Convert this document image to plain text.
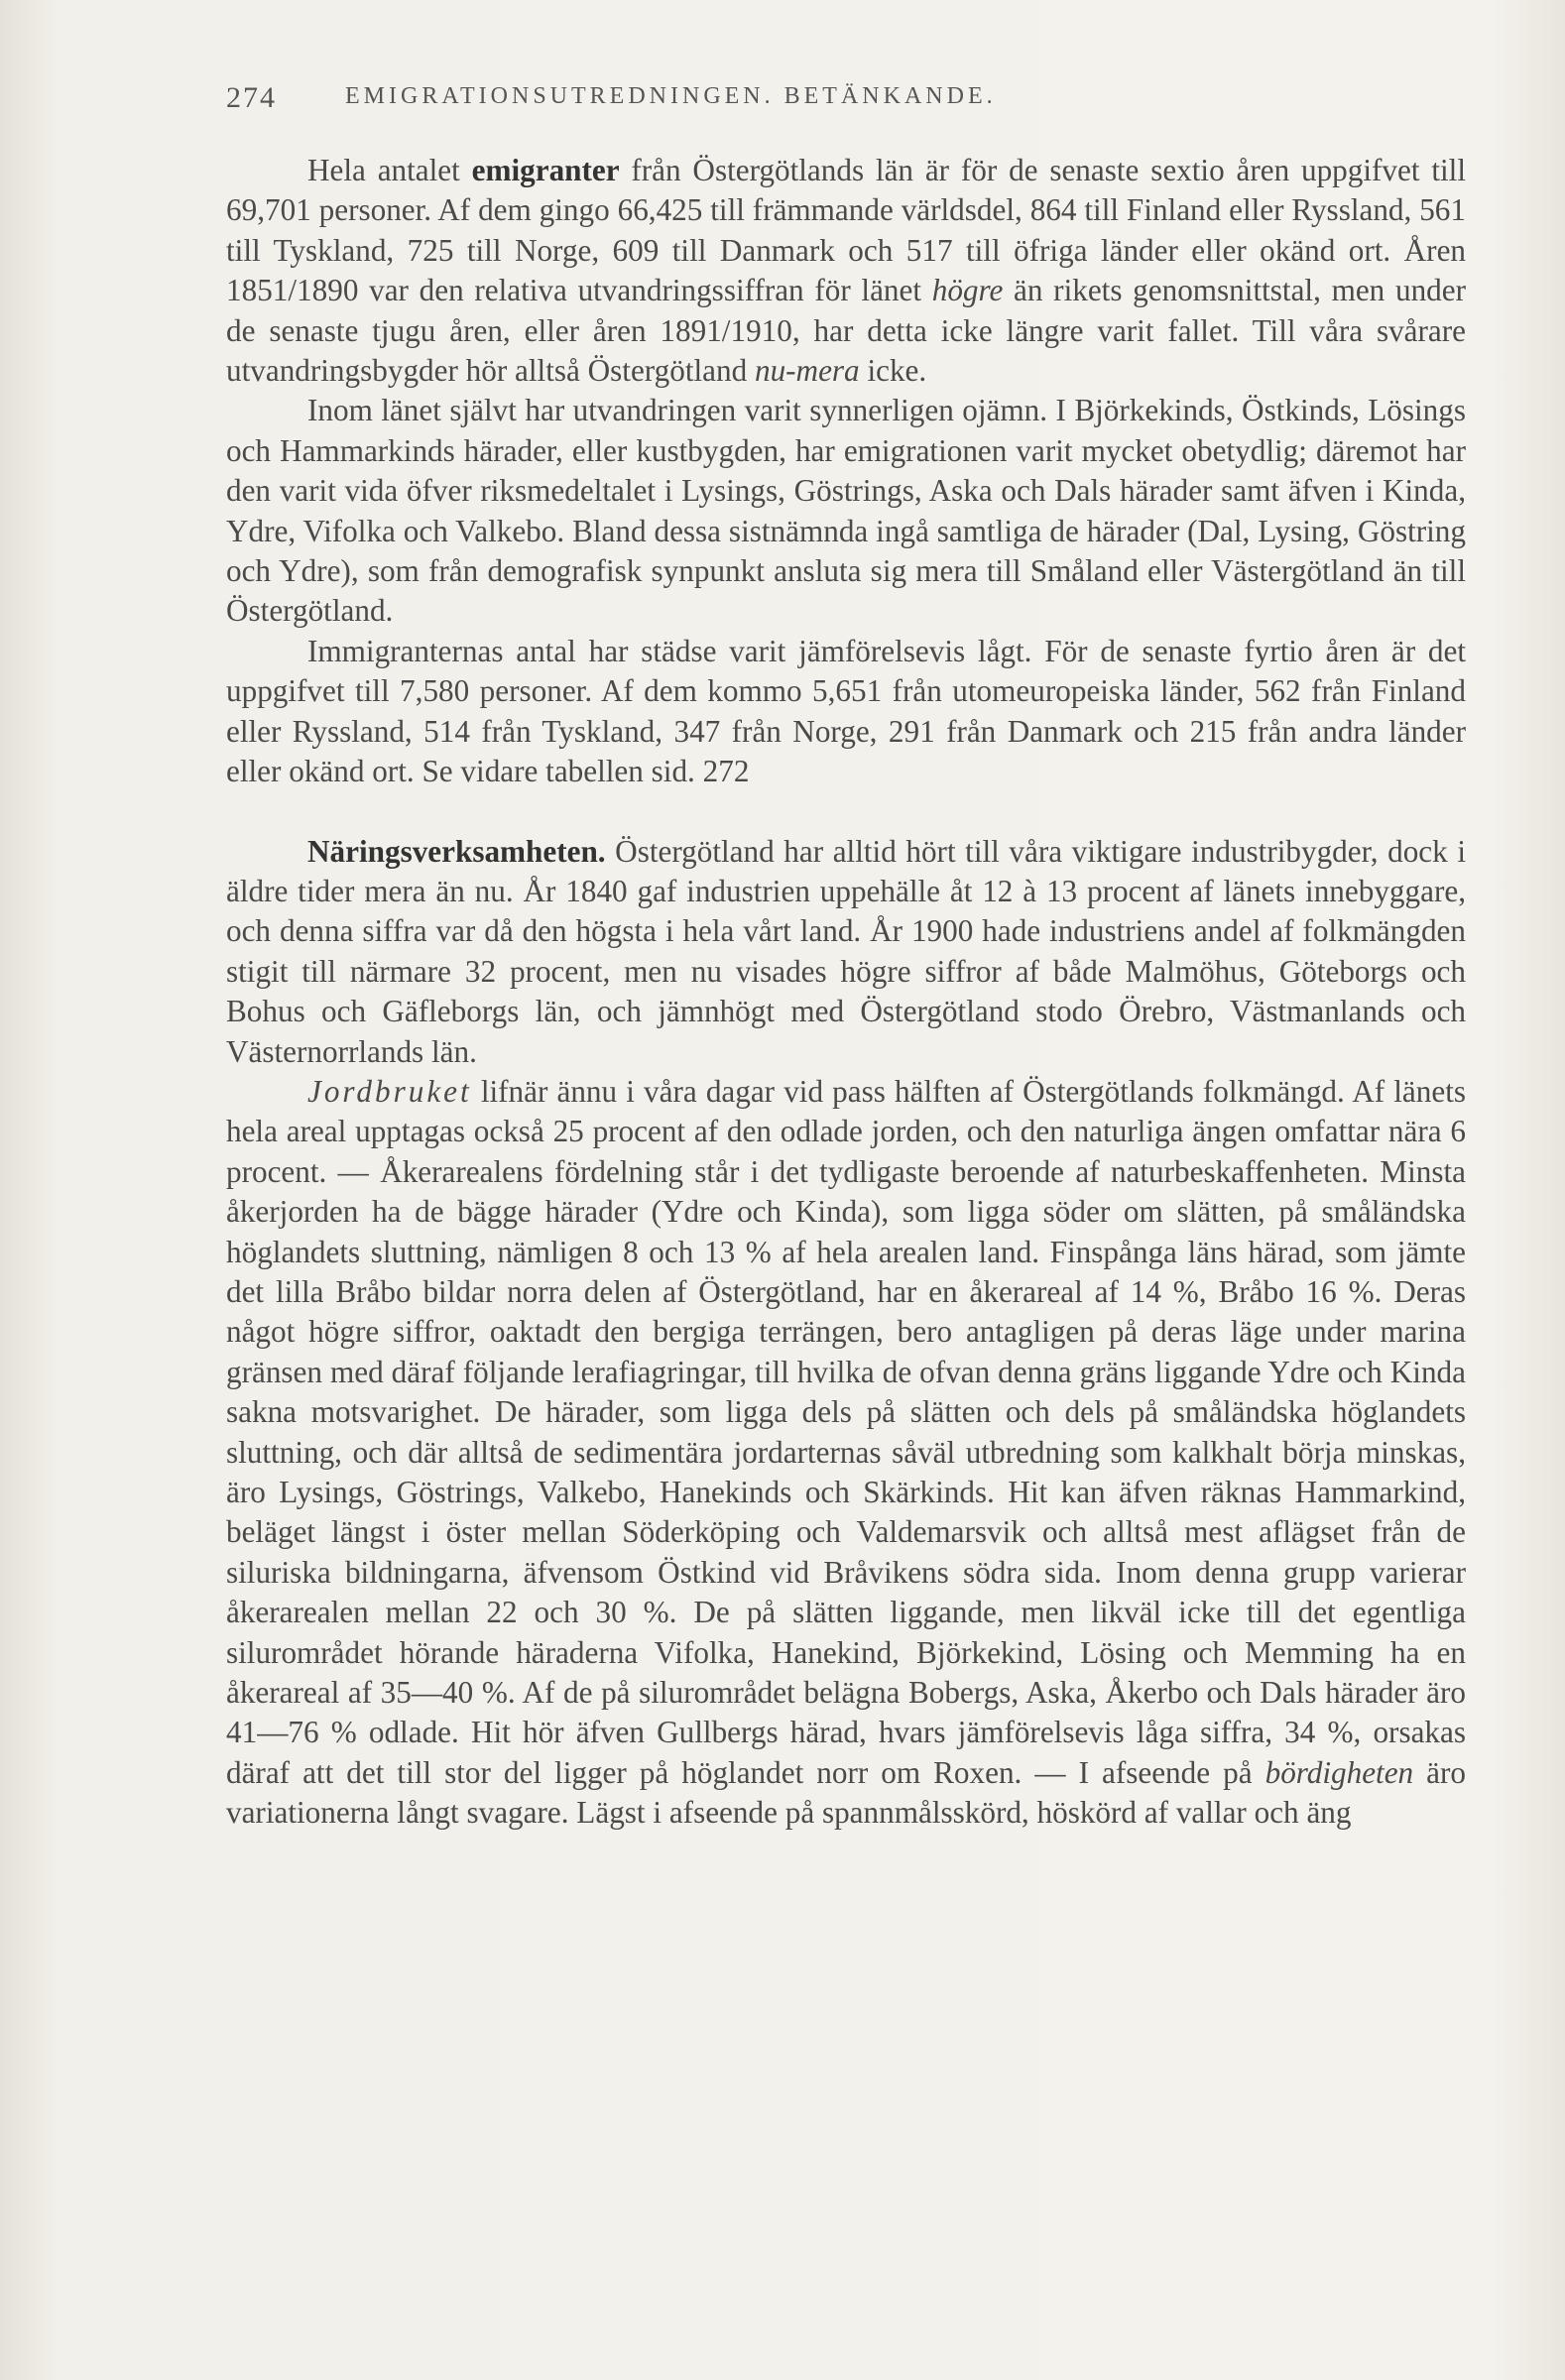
274	EMIGRATIONSUTREDNINGEN. BETÄNKANDE.

Hela antalet emigranter från Östergötlands län är för de senaste sextio åren uppgifvet till 69,701 personer. Af dem gingo 66,425 till främmande världsdel, 864 till Finland eller Ryssland, 561 till Tyskland, 725 till Norge, 609 till Danmark och 517 till öfriga länder eller okänd ort. Åren 1851/1890 var den relativa utvandringssiffran för länet högre än rikets genomsnittstal, men under de senaste tjugu åren, eller åren 1891/1910, har detta icke längre varit fallet. Till våra svårare utvandringsbygder hör alltså Östergötland nu-mera icke.

Inom länet självt har utvandringen varit synnerligen ojämn. I Björkekinds, Östkinds, Lösings och Hammarkinds härader, eller kustbygden, har emigrationen varit mycket obetydlig; däremot har den varit vida öfver riksmedeltalet i Lysings, Göstrings, Aska och Dals härader samt äfven i Kinda, Ydre, Vifolka och Valkebo. Bland dessa sistnämnda ingå samtliga de härader (Dal, Lysing, Göstring och Ydre), som från demografisk synpunkt ansluta sig mera till Småland eller Västergötland än till Östergötland.

Immigranternas antal har städse varit jämförelsevis lågt. För de senaste fyrtio åren är det uppgifvet till 7,580 personer. Af dem kommo 5,651 från utomeuropeiska länder, 562 från Finland eller Ryssland, 514 från Tyskland, 347 från Norge, 291 från Danmark och 215 från andra länder eller okänd ort. Se vidare tabellen sid. 272

Näringsverksamheten. Östergötland har alltid hört till våra viktigare industribygder, dock i äldre tider mera än nu. År 1840 gaf industrien uppehälle åt 12 à 13 procent af länets innebyggare, och denna siffra var då den högsta i hela vårt land. År 1900 hade industriens andel af folkmängden stigit till närmare 32 procent, men nu visades högre siffror af både Malmöhus, Göteborgs och Bohus och Gäfleborgs län, och jämnhögt med Östergötland stodo Örebro, Västmanlands och Västernorrlands län.

Jordbruket lifnär ännu i våra dagar vid pass hälften af Östergötlands folkmängd. Af länets hela areal upptagas också 25 procent af den odlade jorden, och den naturliga ängen omfattar nära 6 procent. — Åkerarealens fördelning står i det tydligaste beroende af naturbeskaffenheten. Minsta åkerjorden ha de bägge härader (Ydre och Kinda), som ligga söder om slätten, på småländska höglandets sluttning, nämligen 8 och 13 % af hela arealen land. Finspånga läns härad, som jämte det lilla Bråbo bildar norra delen af Östergötland, har en åkerareal af 14 %, Bråbo 16 %. Deras något högre siffror, oaktadt den bergiga terrängen, bero antagligen på deras läge under marina gränsen med däraf följande lerafiagringar, till hvilka de ofvan denna gräns liggande Ydre och Kinda sakna motsvarighet. De härader, som ligga dels på slätten och dels på småländska höglandets sluttning, och där alltså de sedimentära jordarternas såväl utbredning som kalkhalt börja minskas, äro Lysings, Göstrings, Valkebo, Hanekinds och Skärkinds. Hit kan äfven räknas Hammarkind, beläget längst i öster mellan Söderköping och Valdemarsvik och alltså mest aflägset från de siluriska bildningarna, äfvensom Östkind vid Bråvikens södra sida. Inom denna grupp varierar åkerarealen mellan 22 och 30 %. De på slätten liggande, men likväl icke till det egentliga silurområdet hörande häraderna Vifolka, Hanekind, Björkekind, Lösing och Memming ha en åkerareal af 35—40 %. Af de på silurområdet belägna Bobergs, Aska, Åkerbo och Dals härader äro 41—76 % odlade. Hit hör äfven Gullbergs härad, hvars jämförelsevis låga siffra, 34 %, orsakas däraf att det till stor del ligger på höglandet norr om Roxen. — I afseende på bördigheten äro variationerna långt svagare. Lägst i afseende på spannmålsskörd, höskörd af vallar och äng
